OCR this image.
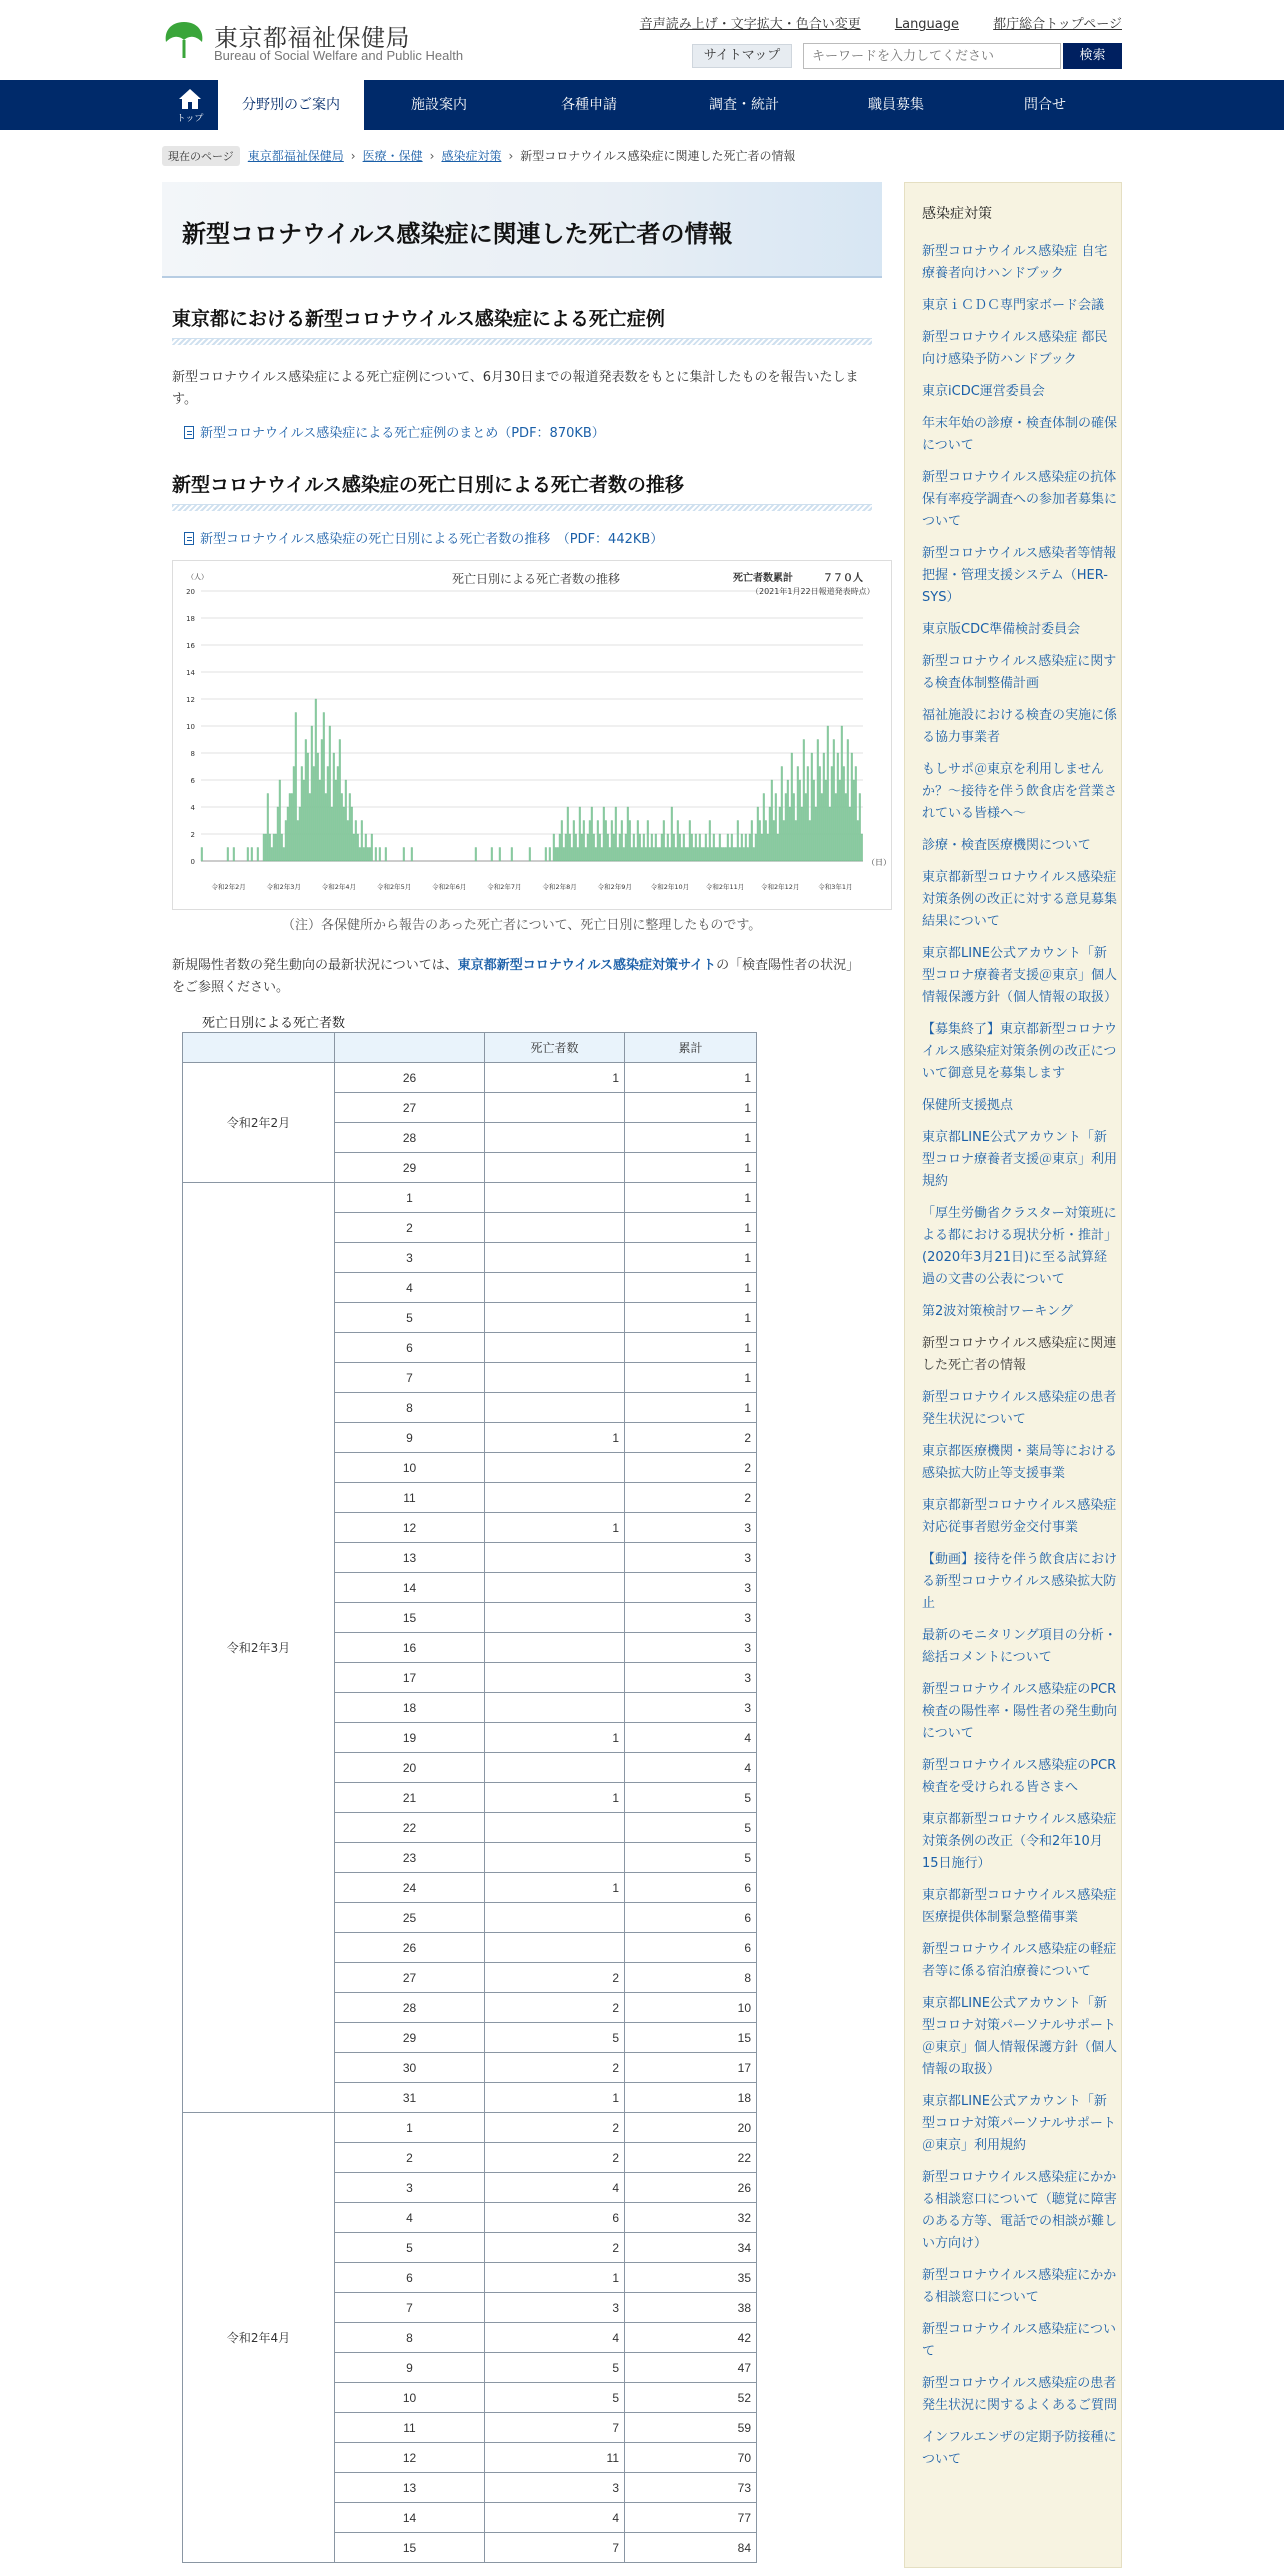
東京都福祉保健局
Bureau of Social Welfare and Public Health
音声読み上げ・文字拡大・色合い変更	Language	都庁総合トップページ
サイトマップ
キーワードを入力してください	検索
トップ
分野別のご案内	施設案内	各種申請	調査・統計	職員募集	問合せ
現在のページ 東京都福祉保健局 › 医療・保健 › 感染症対策 › 新型コロナウイルス感染症に関連した死亡者の情報
新型コロナウイルス感染症に関連した死亡者の情報
東京都における新型コロナウイルス感染症による死亡症例

新型コロナウイルス感染症による死亡症例について、6月30日までの報道発表数をもとに集計したものを報告いたします。

新型コロナウイルス感染症による死亡症例のまとめ（PDF：870KB）
新型コロナウイルス感染症の死亡日別による死亡者数の推移
新型コロナウイルス感染症の死亡日別による死亡者数の推移　（PDF：442KB）
0
2
4
6
8
10
12
14
16
18
20
（人）	死亡日別による死亡者数の推移	死亡者数累計　　　７７０人
（2021年1月22日報道発表時点）
（日）
令和2年2月	令和2年3月	令和2年4月	令和2年5月	令和2年6月	令和2年7月	令和2年8月	令和2年9月	令和2年10月	令和2年11月	令和2年12月	令和3年1月

（注）各保健所から報告のあった死亡者について、死亡日別に整理したものです。

新規陽性者数の発生動向の最新状況については、東京都新型コロナウイルス感染症対策サイトの「検査陽性者の状況」をご参照ください。

死亡日別による死亡者数
		死亡者数	累計
令和2年2月	26	1	1
	27		1
	28		1
	29		1
令和2年3月	1		1
	2		1
	3		1
	4		1
	5		1
	6		1
	7		1
	8		1
	9	1	2
	10		2
	11		2
	12	1	3
	13		3
	14		3
	15		3
	16		3
	17		3
	18		3
	19	1	4
	20		4
	21	1	5
	22		5
	23		5
	24	1	6
	25		6
	26		6
	27	2	8
	28	2	10
	29	5	15
	30	2	17
	31	1	18
令和2年4月	1	2	20
	2	2	22
	3	4	26
	4	6	32
	5	2	34
	6	1	35
	7	3	38
	8	4	42
	9	5	47
	10	5	52
	11	7	59
	12	11	70
	13	3	73
	14	4	77
	15	7	84
感染症対策
新型コロナウイルス感染症 自宅療養者向けハンドブック
東京ｉＣＤＣ専門家ボード会議
新型コロナウイルス感染症 都民向け感染予防ハンドブック
東京iCDC運営委員会
年末年始の診療・検査体制の確保について
新型コロナウイルス感染症の抗体保有率疫学調査への参加者募集について
新型コロナウイルス感染者等情報把握・管理支援システム（HER-SYS）
東京版CDC準備検討委員会
新型コロナウイルス感染症に関する検査体制整備計画
福祉施設における検査の実施に係る協力事業者
もしサポ＠東京を利用しませんか？～接待を伴う飲食店を営業されている皆様へ～
診療・検査医療機関について
東京都新型コロナウイルス感染症対策条例の改正に対する意見募集結果について
東京都LINE公式アカウント「新型コロナ療養者支援＠東京」個人情報保護方針（個人情報の取扱）
【募集終了】東京都新型コロナウイルス感染症対策条例の改正について御意見を募集します
保健所支援拠点
東京都LINE公式アカウント「新型コロナ療養者支援＠東京」利用規約
「厚生労働省クラスター対策班による都における現状分析・推計」(2020年3月21日)に至る試算経過の文書の公表について
第2波対策検討ワーキング
新型コロナウイルス感染症に関連した死亡者の情報
新型コロナウイルス感染症の患者発生状況について
東京都医療機関・薬局等における感染拡大防止等支援事業
東京都新型コロナウイルス感染症対応従事者慰労金交付事業
【動画】接待を伴う飲食店における新型コロナウイルス感染拡大防止
最新のモニタリング項目の分析・総括コメントについて
新型コロナウイルス感染症のPCR検査の陽性率・陽性者の発生動向について
新型コロナウイルス感染症のPCR検査を受けられる皆さまへ
東京都新型コロナウイルス感染症対策条例の改正（令和2年10月15日施行）
東京都新型コロナウイルス感染症医療提供体制緊急整備事業
新型コロナウイルス感染症の軽症者等に係る宿泊療養について
東京都LINE公式アカウント「新型コロナ対策パーソナルサポート＠東京」個人情報保護方針（個人情報の取扱）
東京都LINE公式アカウント「新型コロナ対策パーソナルサポート＠東京」利用規約
新型コロナウイルス感染症にかかる相談窓口について（聴覚に障害のある方等、電話での相談が難しい方向け）
新型コロナウイルス感染症にかかる相談窓口について
新型コロナウイルス感染症について
新型コロナウイルス感染症の患者発生状況に関するよくあるご質問
インフルエンザの定期予防接種について
